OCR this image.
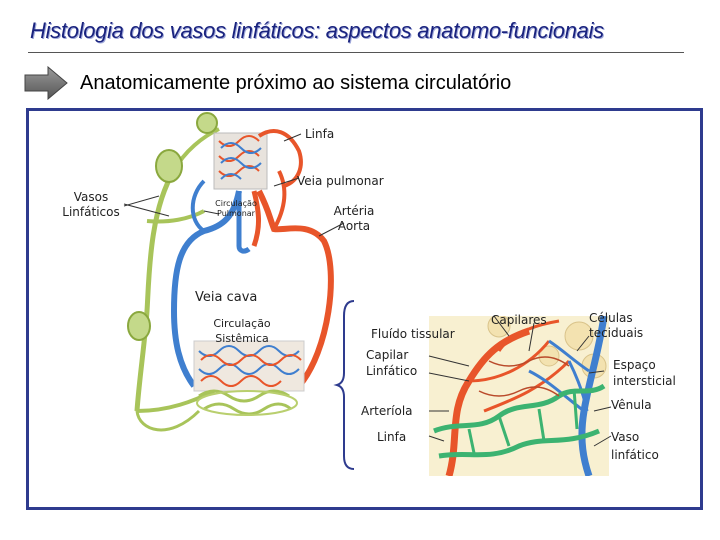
Histologia dos vasos linfáticos: aspectos anatomo-funcionais
Anatomicamente próximo ao sistema circulatório
Linfa
Veia pulmonar
Vasos
Linfáticos
Circulação
Pulmonar	Artéria
Aorta
Veia cava
Circulação
Sistêmica	Fluído tissular
Capilares	Células
teciduais
Capilar
Linfático	Espaço
intersticial
Arteríola	Vênula
Linfa	Vaso
linfático
